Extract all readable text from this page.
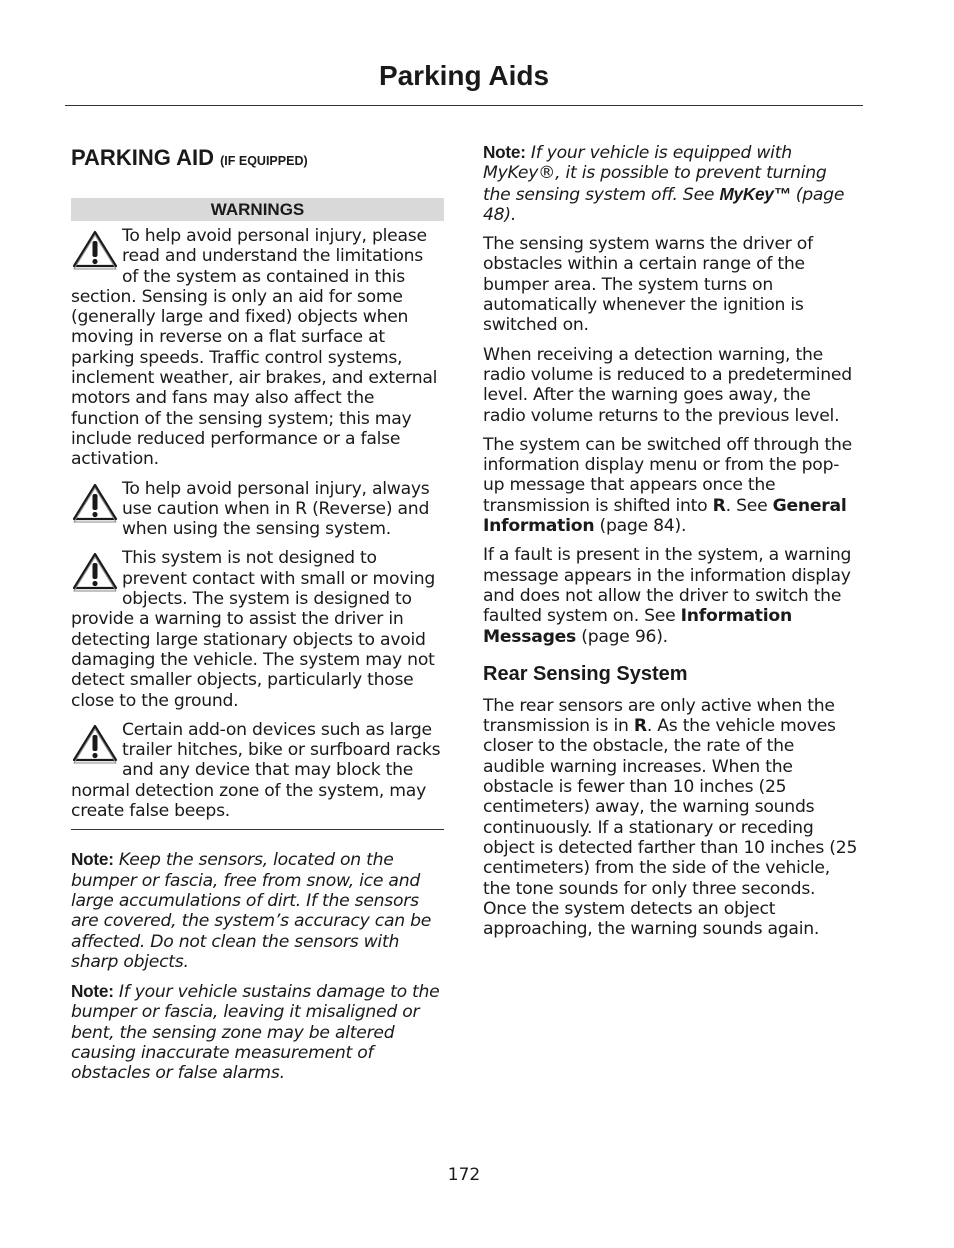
Parking Aids
PARKING AID (IF EQUIPPED)
WARNINGS

To help avoid personal injury, please read and understand the limitations of the system as contained in this section. Sensing is only an aid for some (generally large and fixed) objects when moving in reverse on a flat surface at parking speeds. Traffic control systems, inclement weather, air brakes, and external motors and fans may also affect the function of the sensing system; this may include reduced performance or a false activation.

To help avoid personal injury, always use caution when in R (Reverse) and when using the sensing system.

This system is not designed to prevent contact with small or moving objects. The system is designed to provide a warning to assist the driver in detecting large stationary objects to avoid damaging the vehicle. The system may not detect smaller objects, particularly those close to the ground.

Certain add-on devices such as large trailer hitches, bike or surfboard racks and any device that may block the normal detection zone of the system, may create false beeps.

Note: Keep the sensors, located on the bumper or fascia, free from snow, ice and large accumulations of dirt. If the sensors are covered, the system’s accuracy can be affected. Do not clean the sensors with sharp objects.

Note: If your vehicle sustains damage to the bumper or fascia, leaving it misaligned or bent, the sensing zone may be altered causing inaccurate measurement of obstacles or false alarms.

Note: If your vehicle is equipped with MyKey®, it is possible to prevent turning the sensing system off. See MyKey™ (page 48).

The sensing system warns the driver of obstacles within a certain range of the bumper area. The system turns on automatically whenever the ignition is switched on.

When receiving a detection warning, the radio volume is reduced to a predetermined level. After the warning goes away, the radio volume returns to the previous level.

The system can be switched off through the information display menu or from the pop-up message that appears once the transmission is shifted into R. See General Information (page 84).

If a fault is present in the system, a warning message appears in the information display and does not allow the driver to switch the faulted system on. See Information Messages (page 96).

Rear Sensing System

The rear sensors are only active when the transmission is in R. As the vehicle moves closer to the obstacle, the rate of the audible warning increases. When the obstacle is fewer than 10 inches (25 centimeters) away, the warning sounds continuously. If a stationary or receding object is detected farther than 10 inches (25 centimeters) from the side of the vehicle, the tone sounds for only three seconds. Once the system detects an object approaching, the warning sounds again.

172
